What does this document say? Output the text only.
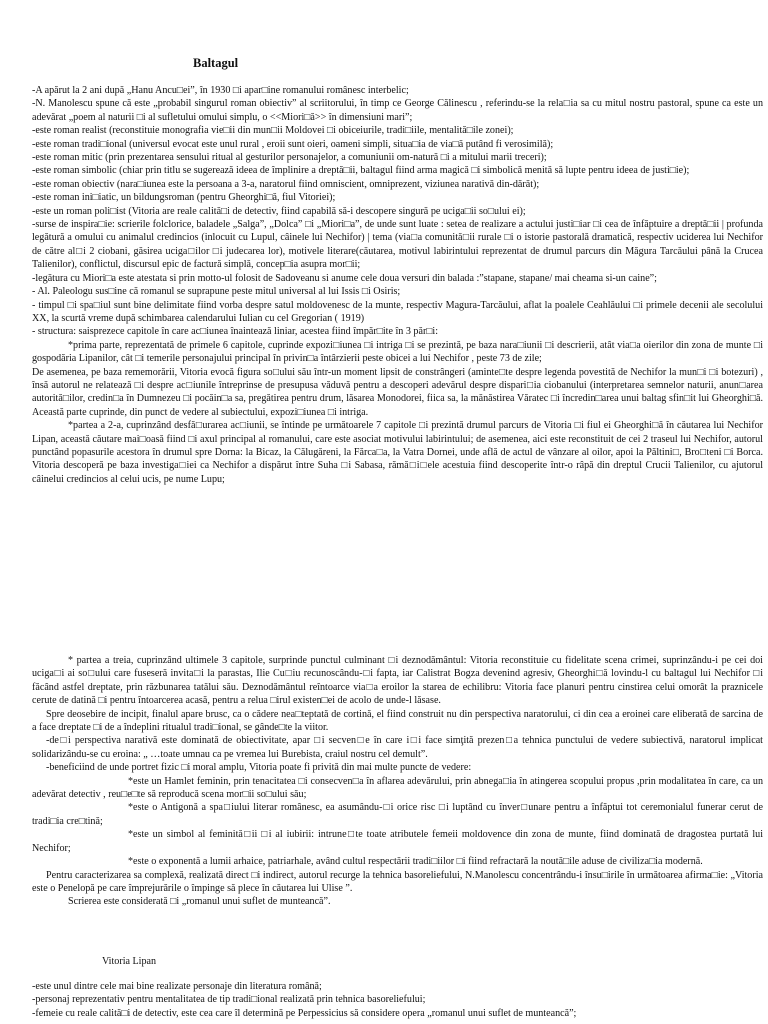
Baltagul

-A apărut la 2 ani după „Hanu Ancu□ei”, în 1930 □i apar□ine romanului românesc interbelic;

-N. Manolescu spune că este „probabil singurul roman obiectiv” al scriitorului, în timp ce George Călinescu , referindu-se la rela□ia sa cu mitul nostru pastoral, spune ca este un adevărat „poem al naturii □i al sufletului omului simplu, o <<Miori□ă>> în dimensiuni mari”;

-este roman realist (reconstituie monografia vie□ii din mun□ii Moldovei □i obiceiurile, tradi□iile, mentalită□ile zonei);

-este roman tradi□ional (universul evocat este unul rural , eroii sunt oieri, oameni simpli, situa□ia de via□ă putând fi verosimilă);

-este roman mitic (prin prezentarea sensului ritual al gesturilor personajelor, a comuniunii om-natură □i a mitului marii treceri);

-este roman simbolic (chiar prin titlu se sugerează ideea de împlinire a dreptă□ii, baltagul fiind arma magică □i simbolică menită să lupte pentru ideea de justi□ie);

-este roman obiectiv (nara□iunea este la persoana a 3-a, naratorul fiind omniscient, omniprezent, viziunea narativă din-dărăt);

-este roman ini□iatic, un bildungsroman (pentru Gheorghi□ă, fiul Vitoriei);

-este un roman poli□ist (Vitoria are reale calită□i de detectiv, fiind capabilă să-i descopere singură pe uciga□ii so□ului ei);

-surse de inspira□ie: scrierile folclorice, baladele „Salga”, „Dolca” □i „Miori□a”, de unde sunt luate : setea de realizare a actului justi□iar □i cea de înfăptuire a dreptă□ii | profunda legătură a omului cu animalul credincios (inlocuit cu Lupul, câinele lui Nechifor) | tema (via□a comunită□ii rurale □i o istorie pastorală dramatică, respectiv uciderea lui Nechifor de către al□i 2 ciobani, găsirea uciga□ilor □i judecarea lor), motivele literare(căutarea, motivul labirintului reprezentat de drumul parcurs din Măgura Tarcăului până la Crucea Talienilor), conflictul, discursul epic de factură simplă, concep□ia asupra mor□ii;

-legătura cu Miori□a este atestata si prin motto-ul folosit de Sadoveanu si anume cele doua versuri din balada :”stapane, stapane/ mai cheama si-un caine”;

- Al. Paleologu sus□ine că romanul se suprapune peste mitul universal al lui Issis □i Osiris;

- timpul □i spa□iul sunt bine delimitate fiind vorba despre satul moldovenesc de la munte, respectiv Magura-Tarcăului, aflat la poalele Ceahlăului □i primele decenii ale secolului XX, la scurtă vreme după schimbarea calendarului Iulian cu cel Gregorian ( 1919)

- structura: saisprezece capitole în care ac□iunea înaintează liniar, acestea fiind împăr□ite în 3 păr□i:

*prima parte, reprezentată de primele 6 capitole, cuprinde expozi□iunea □i intriga □i se prezintă, pe baza nara□iunii □i descrierii, atât via□a oierilor din zona de munte □i gospodăria Lipanilor, cât □i temerile personajului principal în privin□a întârzierii peste obicei a lui Nechifor , peste 73 de zile;

De asemenea, pe baza rememorării, Vitoria evocă figura so□ului său într-un moment lipsit de constrângeri (aminte□te despre legenda povestită de Nechifor la mun□i □i botezuri) , însă autorul ne relatează □i despre ac□iunile întreprinse de presupusa văduvă pentru a descoperi adevărul despre dispari□ia ciobanului (interpretarea semnelor naturii, anun□area autorită□ilor, credin□a în Dumnezeu □i pocăin□a sa, pregătirea pentru drum, lăsarea Monodorei, fiica sa, la mănăstirea Văratec □i încredin□area unui baltag sfin□it lui Gheorghi□ă. Această parte cuprinde, din punct de vedere al subiectului, expozi□iunea □i intriga.

*partea a 2-a, cuprinzând desfă□urarea ac□iunii, se întinde pe următoarele 7 capitole □i prezintă drumul parcurs de Vitoria □i fiul ei Gheorghi□ă în căutarea lui Nechifor Lipan, această căutare mai□oasă fiind □i axul principal al romanului, care este asociat motivului labirintului; de asemenea, aici este reconstituit de cei 2 traseul lui Nechifor, autorul punctând popasurile acestora în drumul spre Dorna: la Bicaz, la Călugăreni, la Fărca□a, la Vatra Dornei, unde află de actul de vânzare al oilor, apoi la Păltini□, Bro□teni □i Borca. Vitoria descoperă pe baza investiga□iei ca Nechifor a dispărut între Suha □i Sabasa, rămă□i□ele acestuia fiind descoperite într-o râpă din dreptul Crucii Talienilor, cu ajutorul câinelui credincios al celui ucis, pe nume Lupu;

* partea a treia, cuprinzând ultimele 3 capitole, surprinde punctul culminant □i deznodământul: Vitoria reconstituie cu fidelitate scena crimei, suprinzându-i pe cei doi uciga□i ai so□ului care fuseseră invita□i la parastas, Ilie Cu□iu recunoscându-□i fapta, iar Calistrat Bogza devenind agresiv, Gheorghi□ă lovindu-l cu baltagul lui Nechifor □i făcând astfel dreptate, prin răzbunarea tatălui său. Deznodământul reîntoarce via□a eroilor la starea de echilibru: Vitoria face planuri pentru cinstirea celui omorât la praznicele cerute de datină □i pentru întoarcerea acasă, pentru a relua □irul existen□ei de acolo de unde-l lăsase.

Spre deosebire de incipit, finalul apare brusc, ca o cădere nea□teptată de cortină, el fiind construit nu din perspectiva naratorului, ci din cea a eroinei care eliberată de sarcina de a face dreptate □i de a îndeplini ritualul tradi□ional, se gânde□te la viitor.

-de□i perspectiva narativă este dominată de obiectivitate, apar □i secven□e în care i□i face simţită prezen□a tehnica punctului de vedere subiectivă, naratorul implicat solidarizându-se cu eroina: „ …toate umnau ca pe vremea lui Burebista, craiul nostru cel demult”.

-beneficiind de unde portret fizic □i moral amplu, Vitoria poate fi privită din mai multe puncte de vedere:

*este un Hamlet feminin, prin tenacitatea □i consecven□a în aflarea adevărului, prin abnega□ia în atingerea scopului propus ,prin modalitatea în care, ca un adevărat detectiv , reu□e□te să reproducă scena mor□ii so□ului său;

*este o Antigonă a spa□iului literar românesc, ea asumându-□i orice risc □i luptând cu înver□unare pentru a înfăptui tot ceremonialul funerar cerut de tradi□ia cre□tină;

*este un simbol al feminită□ii □i al iubirii: intrune□te toate atributele femeii moldovence din zona de munte, fiind dominată de dragostea purtată lui Nechifor;

*este o exponentă a lumii arhaice, patriarhale, având cultul respectării tradi□iilor □i fiind refractară la noută□ile aduse de civiliza□ia modernă.

Pentru caracterizarea sa complexă, realizată direct □i indirect, autorul recurge la tehnica basoreliefului, N.Manolescu concentrându-i însu□irile în următoarea afirma□ie: „Vitoria este o Penelopă pe care împrejurările o împinge să plece în căutarea lui Ulise ”.

Scrierea este considerată □i „romanul unui suflet de munteancă”.

Vitoria Lipan

-este unul dintre cele mai bine realizate personaje din literatura română;

-personaj reprezentativ pentru mentalitatea de tip tradi□ional realizată prin tehnica basoreliefului;

-femeie cu reale calită□i de detectiv, este cea care îl determină pe Perpessicius să considere opera „romanul unui suflet de munteancă”;
